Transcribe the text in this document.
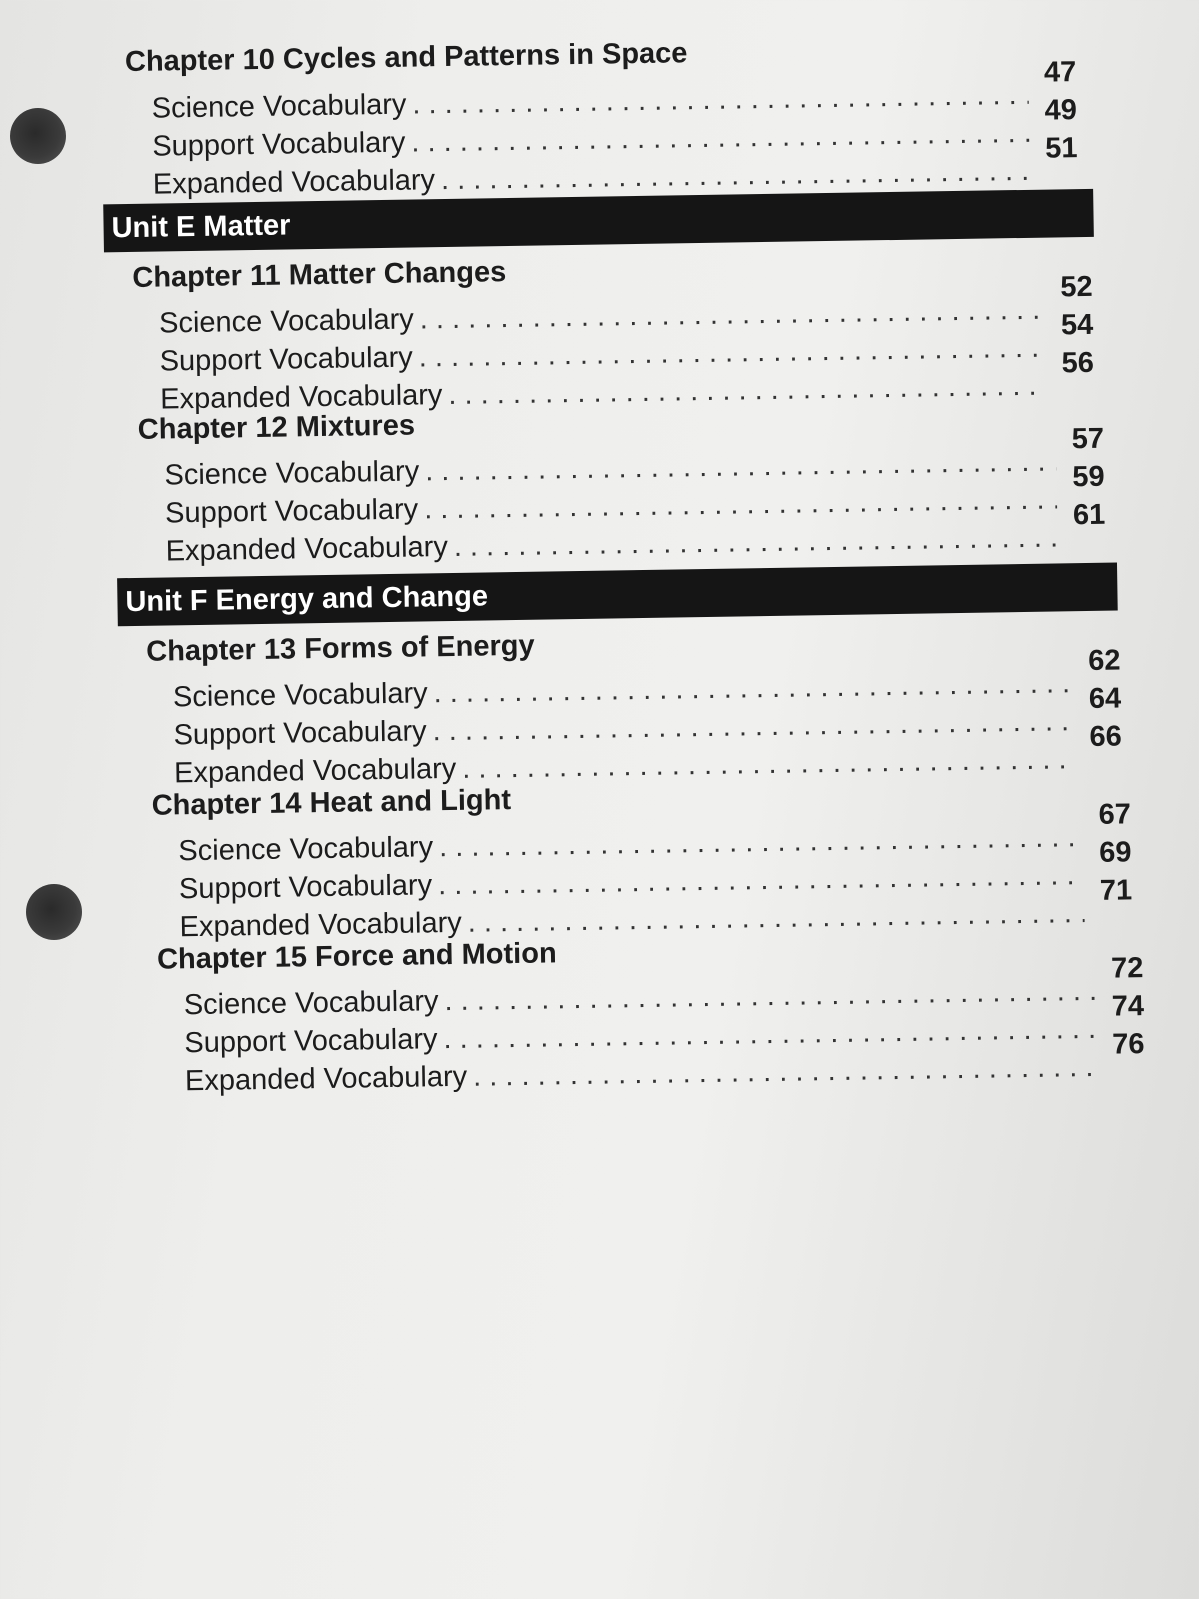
Chapter 10 Cycles and Patterns in Space
Science Vocabulary
. . .
47
Support Vocabulary
. . .
49
Expanded Vocabulary
. . .
51
Unit E Matter
Chapter 11 Matter Changes
Science Vocabulary
. . .
52
Support Vocabulary
. . .
54
Expanded Vocabulary
. . .
56
Chapter 12 Mixtures
Science Vocabulary
. . .
57
Support Vocabulary
. . .
59
Expanded Vocabulary
. . .
61
Unit F Energy and Change
Chapter 13 Forms of Energy
Science Vocabulary
. . .
62
Support Vocabulary
. . .
64
Expanded Vocabulary
. . .
66
Chapter 14 Heat and Light
Science Vocabulary
. . .
67
Support Vocabulary
. . .
69
Expanded Vocabulary
. . .
71
Chapter 15 Force and Motion
Science Vocabulary
. . .
72
Support Vocabulary
. . .
74
Expanded Vocabulary
. . .
76
